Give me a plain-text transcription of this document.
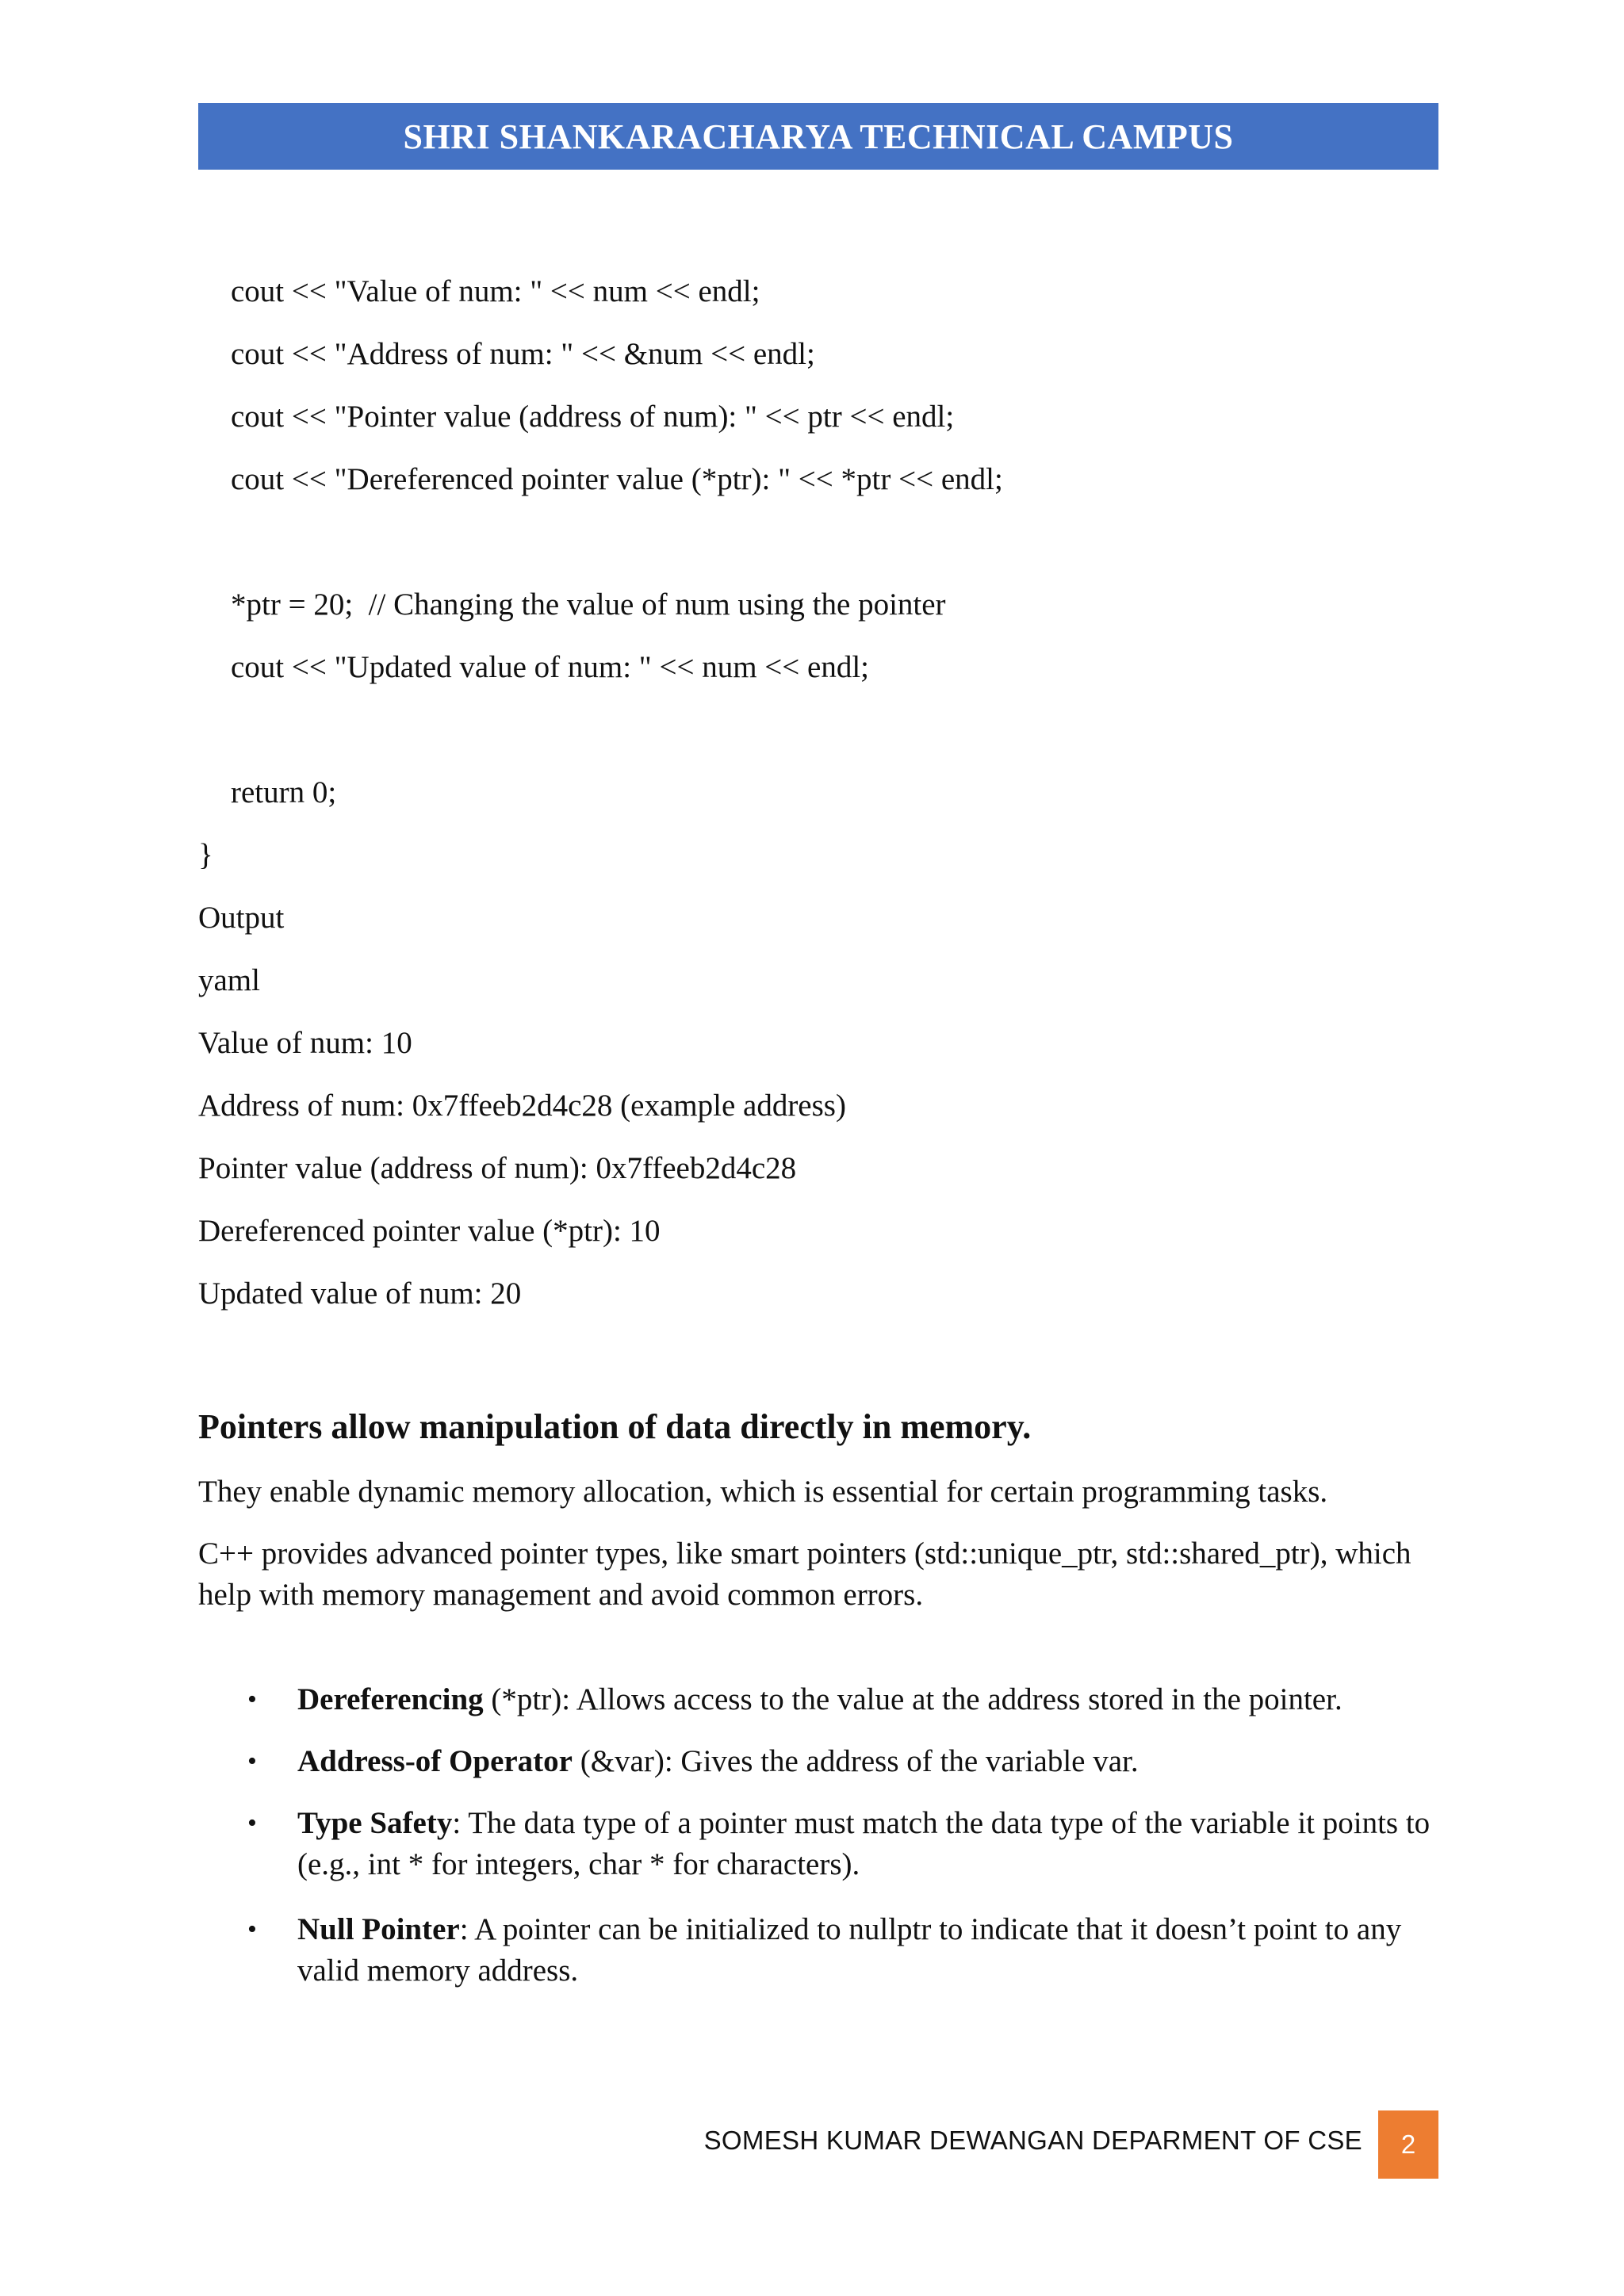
SHRI SHANKARACHARYA TECHNICAL CAMPUS
cout << "Value of num: " << num << endl;
cout << "Address of num: " << &num << endl;
cout << "Pointer value (address of num): " << ptr << endl;
cout << "Dereferenced pointer value (*ptr): " << *ptr << endl;
*ptr = 20;  // Changing the value of num using the pointer
cout << "Updated value of num: " << num << endl;
return 0;
}
Output
yaml
Value of num: 10
Address of num: 0x7ffeeb2d4c28 (example address)
Pointer value (address of num): 0x7ffeeb2d4c28
Dereferenced pointer value (*ptr): 10
Updated value of num: 20
Pointers allow manipulation of data directly in memory.
They enable dynamic memory allocation, which is essential for certain programming tasks.
C++ provides advanced pointer types, like smart pointers (std::unique_ptr, std::shared_ptr), which help with memory management and avoid common errors.
• Dereferencing (*ptr): Allows access to the value at the address stored in the pointer.
• Address-of Operator (&var): Gives the address of the variable var.
• Type Safety: The data type of a pointer must match the data type of the variable it points to (e.g., int * for integers, char * for characters).
• Null Pointer: A pointer can be initialized to nullptr to indicate that it doesn’t point to any valid memory address.
SOMESH KUMAR DEWANGAN DEPARMENT OF CSE 2
